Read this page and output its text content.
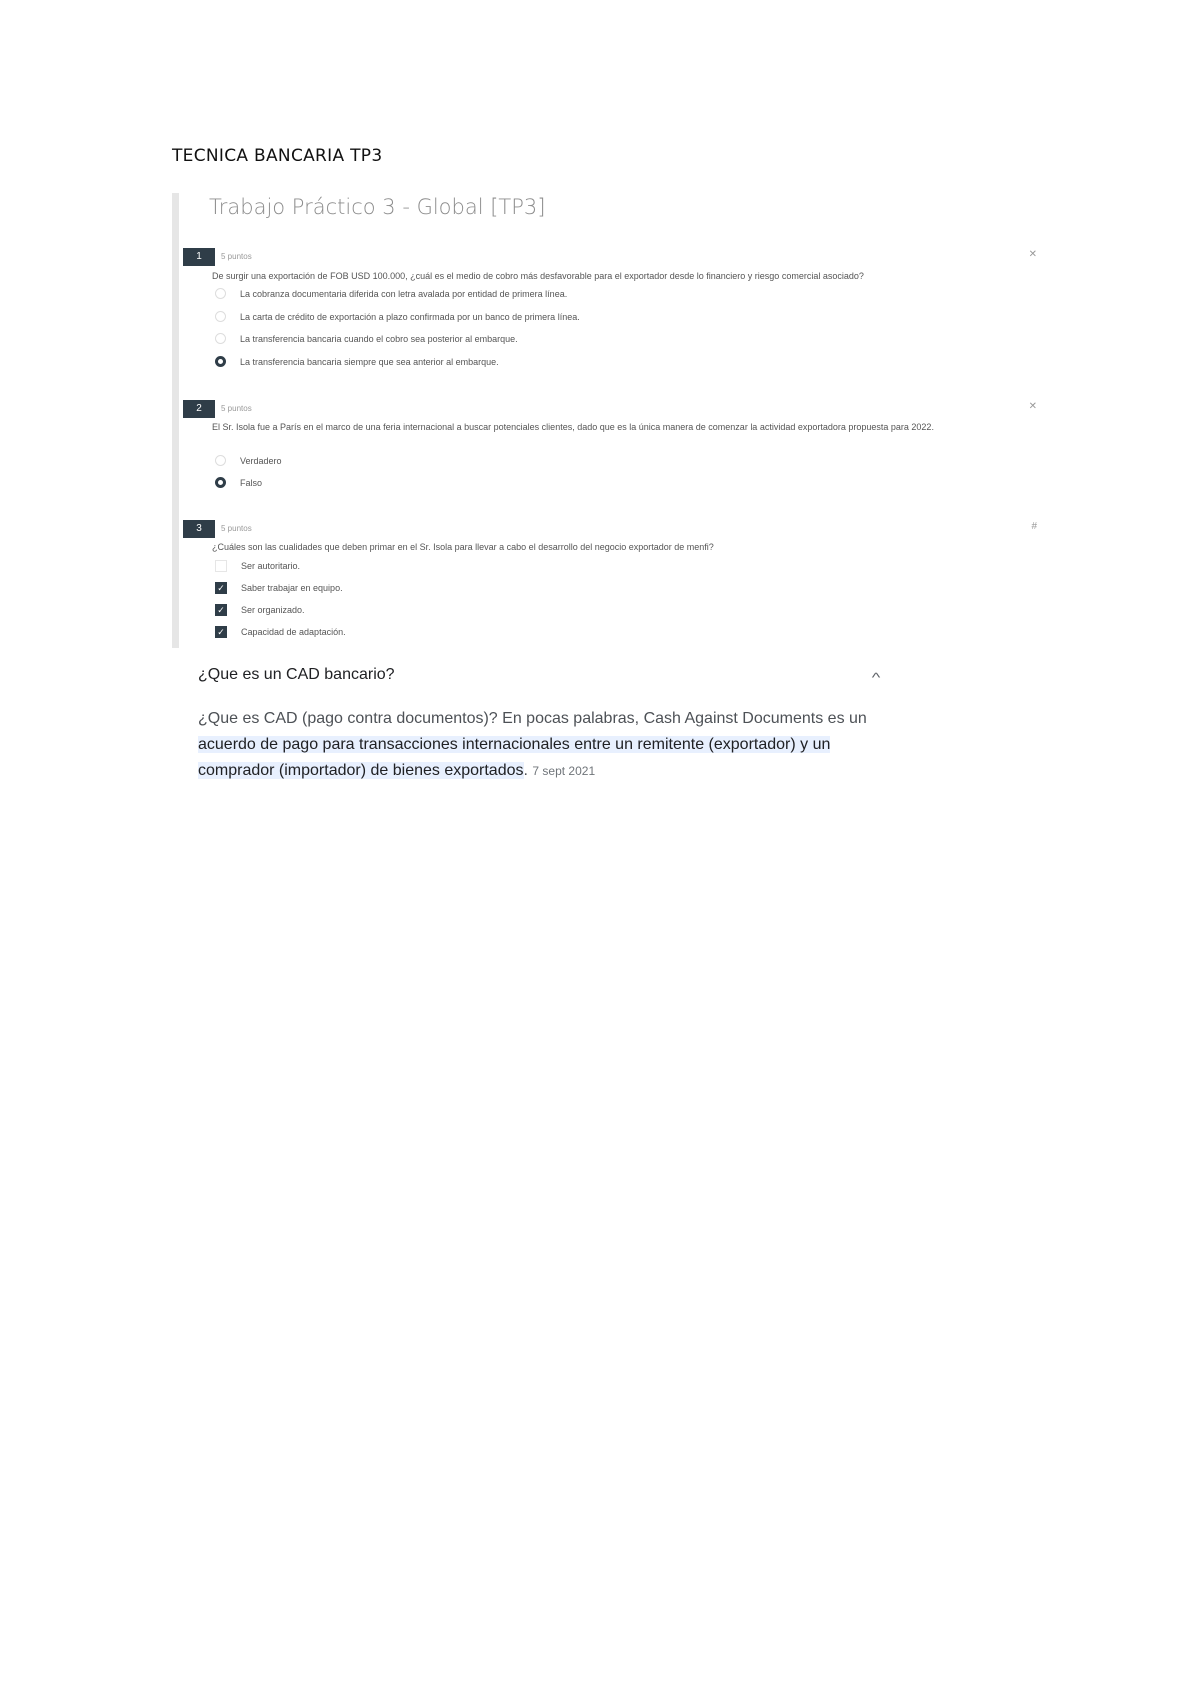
TECNICA BANCARIA TP3
Trabajo Práctico 3 - Global [TP3]
1	5 puntos	✕
De surgir una exportación de FOB USD 100.000, ¿cuál es el medio de cobro más desfavorable para el exportador desde lo financiero y riesgo comercial asociado?
La cobranza documentaria diferida con letra avalada por entidad de primera línea.
La carta de crédito de exportación a plazo confirmada por un banco de primera línea.
La transferencia bancaria cuando el cobro sea posterior al embarque.
La transferencia bancaria siempre que sea anterior al embarque.
2	5 puntos	✕
El Sr. Isola fue a París en el marco de una feria internacional a buscar potenciales clientes, dado que es la única manera de comenzar la actividad exportadora propuesta para 2022.
Verdadero
Falso
3	5 puntos	#
¿Cuáles son las cualidades que deben primar en el Sr. Isola para llevar a cabo el desarrollo del negocio exportador de menfi?
Ser autoritario.
✓ Saber trabajar en equipo.
✓ Ser organizado.
✓ Capacidad de adaptación.
¿Que es un CAD bancario?	^
¿Que es CAD (pago contra documentos)? En pocas palabras, Cash Against Documents es un acuerdo de pago para transacciones internacionales entre un remitente (exportador) y un comprador (importador) de bienes exportados. 7 sept 2021
